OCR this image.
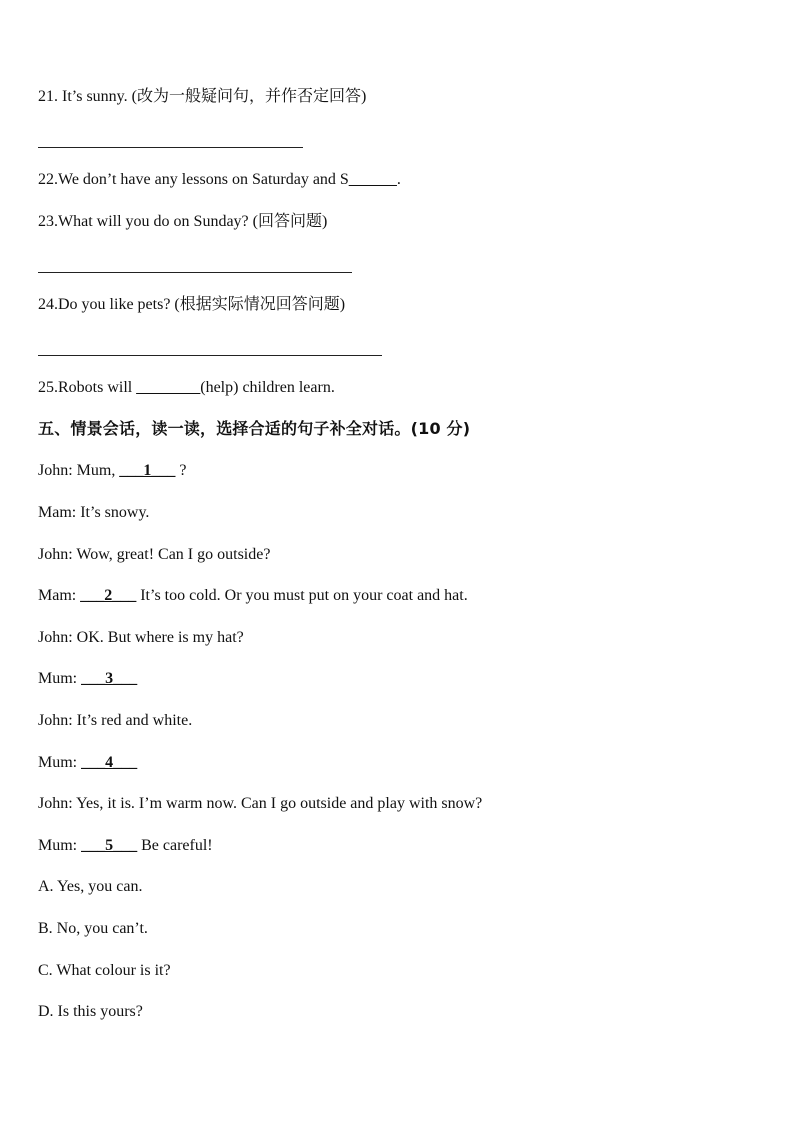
21. It’s sunny. (改为一般疑问句，并作否定回答)
22.We don’t have any lessons on Saturday and S______.
23.What will you do on Sunday? (回答问题)
24.Do you like pets? (根据实际情况回答问题)
25.Robots will ________(help) children learn.
五、情景会话，读一读，选择合适的句子补全对话。(10 分)
John: Mum, ___1___ ?
Mam: It’s snowy.
John: Wow, great! Can I go outside?
Mam: ___2___ It’s too cold. Or you must put on your coat and hat.
John: OK. But where is my hat?
Mum: ___3___
John: It’s red and white.
Mum: ___4___
John: Yes, it is. I’m warm now. Can I go outside and play with snow?
Mum: ___5___ Be careful!
A. Yes, you can.
B. No, you can’t.
C. What colour is it?
D. Is this yours?
